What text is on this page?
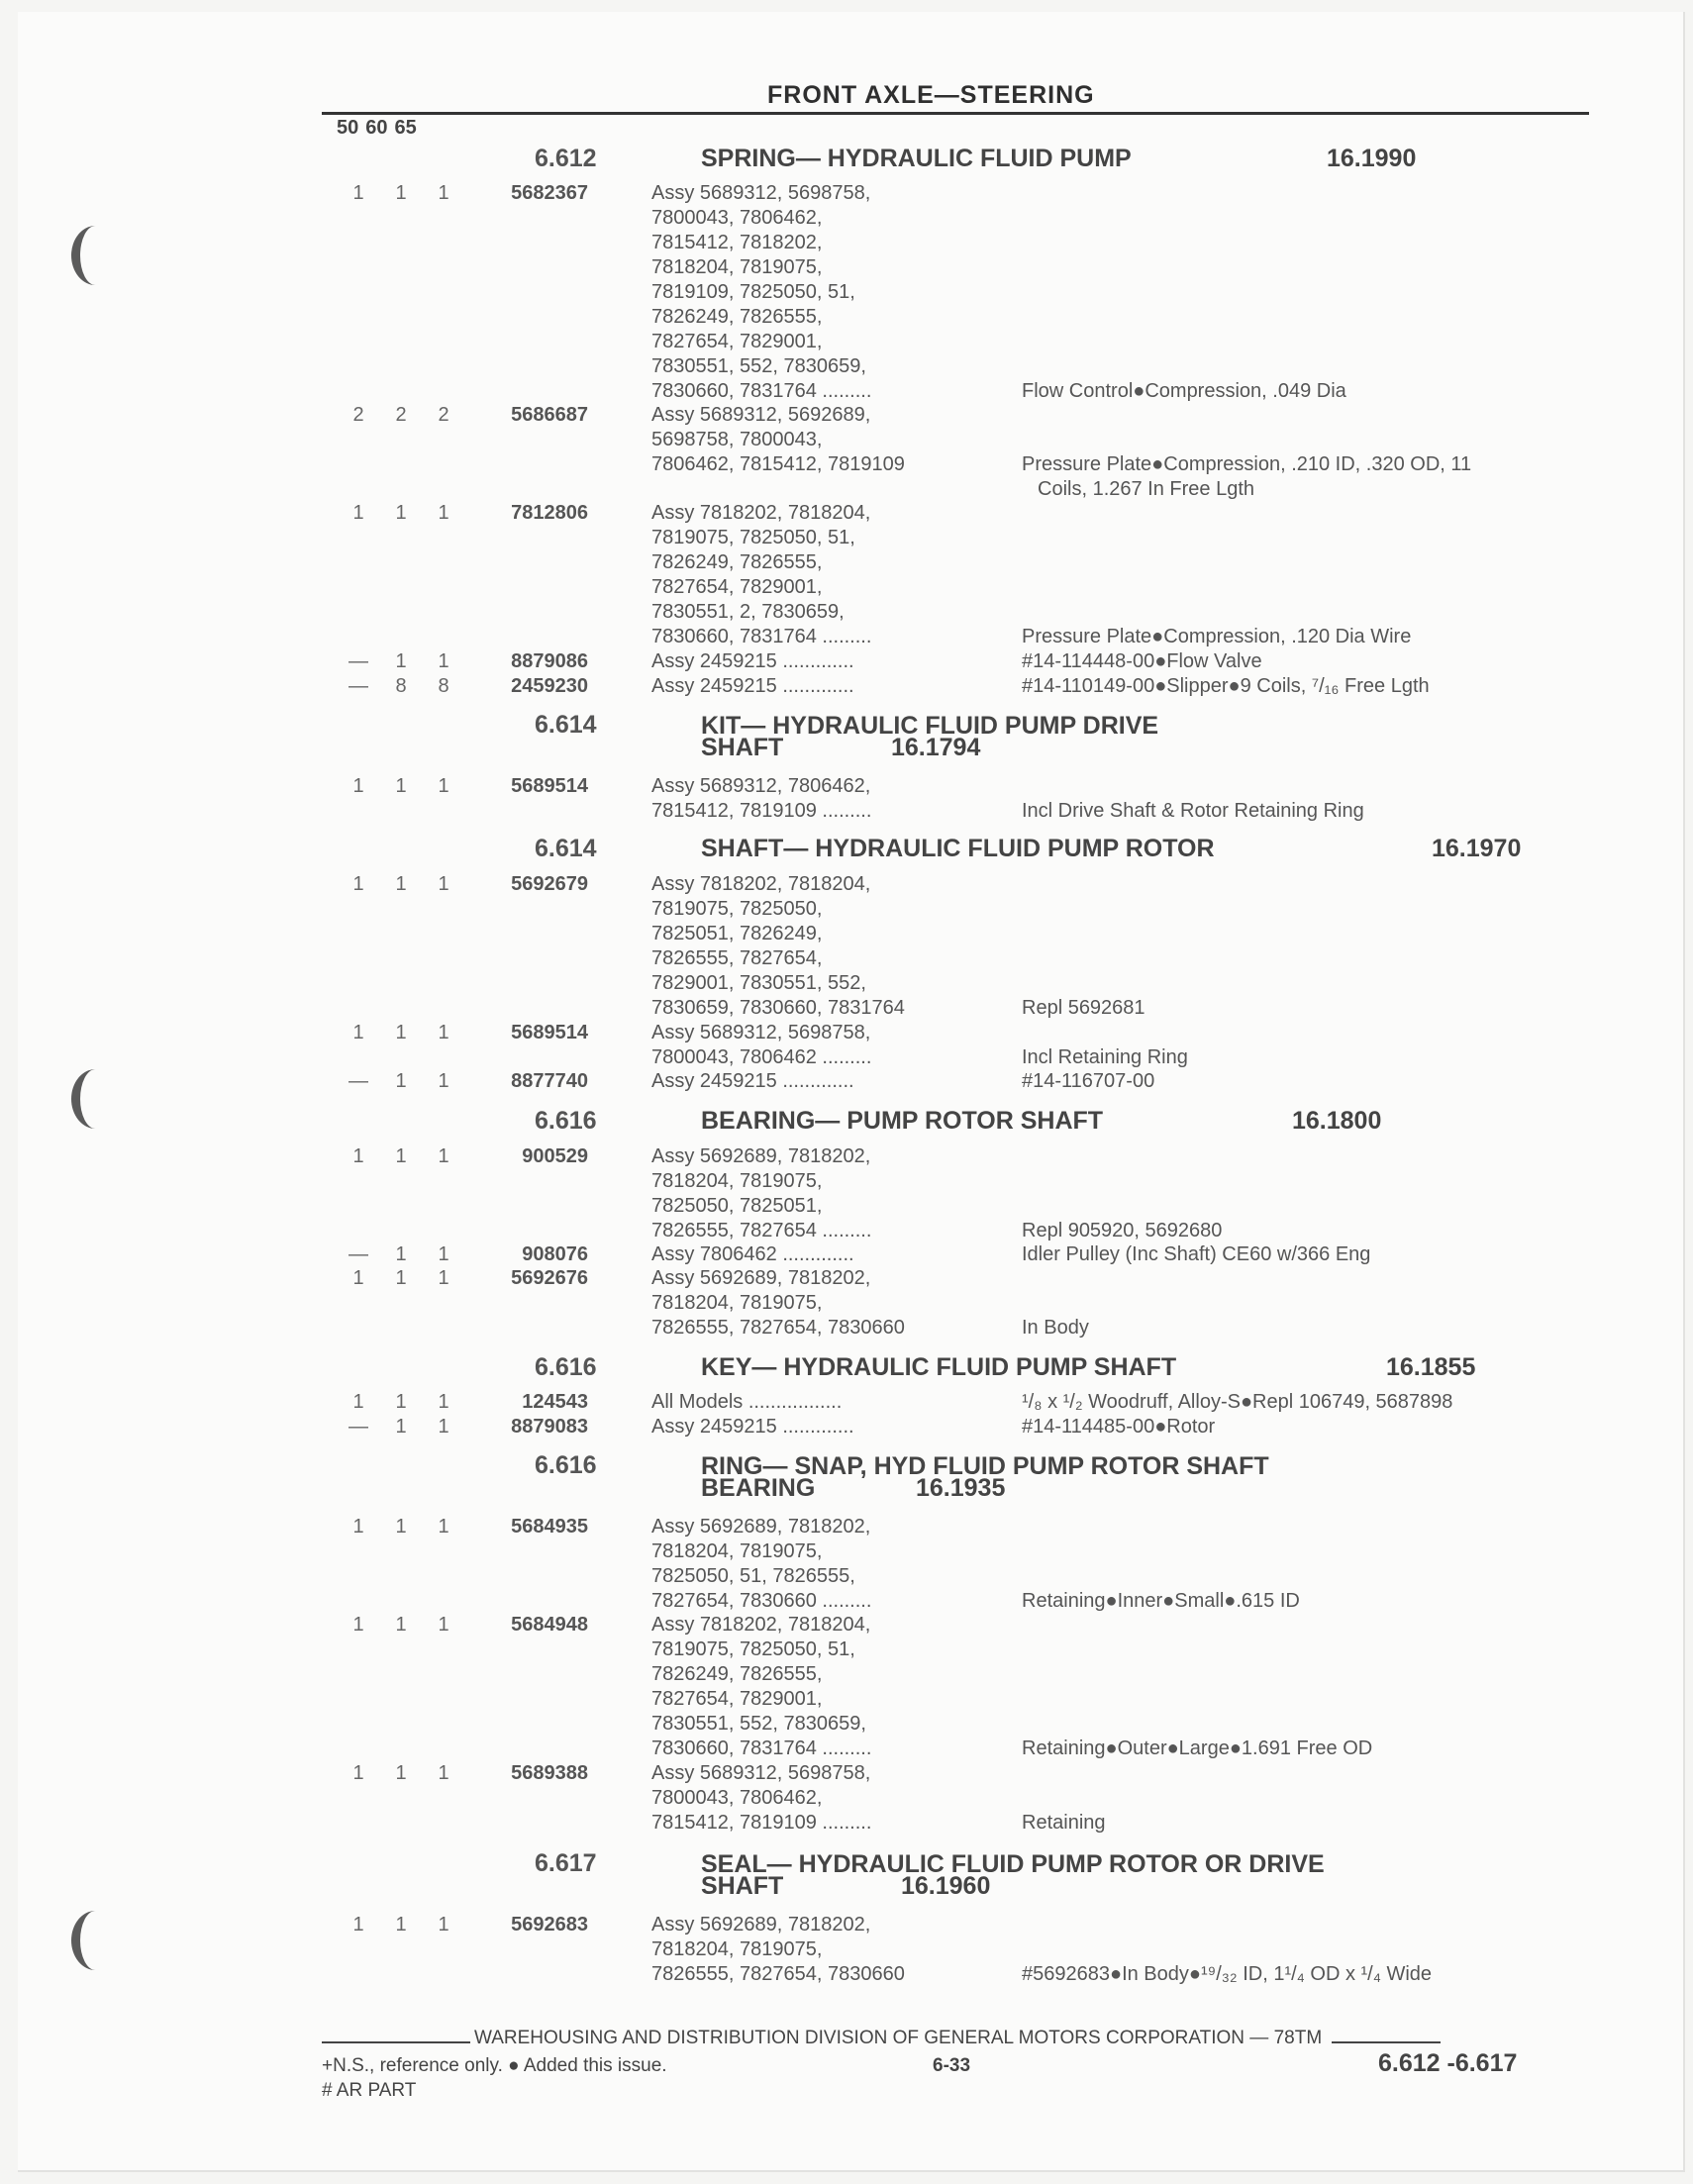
FRONT AXLE—STEERING
50 60 65
6.612	SPRING— HYDRAULIC FLUID PUMP	16.1990
1	1	1	5682367	Assy 5689312, 5698758,
7800043, 7806462,
7815412, 7818202,
7818204, 7819075,
7819109, 7825050, 51,
7826249, 7826555,
7827654, 7829001,
7830551, 552, 7830659,
7830660, 7831764 .........	Flow Control●Compression, .049 Dia
2	2	2	5686687	Assy 5689312, 5692689,
5698758, 7800043,
7806462, 7815412, 7819109	Pressure Plate●Compression, .210 ID, .320 OD, 11
Coils, 1.267 In Free Lgth
1	1	1	7812806	Assy 7818202, 7818204,
7819075, 7825050, 51,
7826249, 7826555,
7827654, 7829001,
7830551, 2, 7830659,
7830660, 7831764 .........	Pressure Plate●Compression, .120 Dia Wire
—	1	1	8879086	Assy 2459215 .............	#14-114448-00●Flow Valve
—	8	8	2459230	Assy 2459215 .............	#14-110149-00●Slipper●9 Coils, ⁷/₁₆ Free Lgth
6.614	KIT— HYDRAULIC FLUID PUMP DRIVE
SHAFT	16.1794
1	1	1	5689514	Assy 5689312, 7806462,
7815412, 7819109 .........	Incl Drive Shaft & Rotor Retaining Ring
6.614	SHAFT— HYDRAULIC FLUID PUMP ROTOR	16.1970
1	1	1	5692679	Assy 7818202, 7818204,
7819075, 7825050,
7825051, 7826249,
7826555, 7827654,
7829001, 7830551, 552,
7830659, 7830660, 7831764	Repl 5692681
1	1	1	5689514	Assy 5689312, 5698758,
7800043, 7806462 .........	Incl Retaining Ring
—	1	1	8877740	Assy 2459215 .............	#14-116707-00
6.616	BEARING— PUMP ROTOR SHAFT	16.1800
1	1	1	900529	Assy 5692689, 7818202,
7818204, 7819075,
7825050, 7825051,
7826555, 7827654 .........	Repl 905920, 5692680
—	1	1	908076	Assy 7806462 .............	Idler Pulley (Inc Shaft) CE60 w/366 Eng
1	1	1	5692676	Assy 5692689, 7818202,
7818204, 7819075,
7826555, 7827654, 7830660	In Body
6.616	KEY— HYDRAULIC FLUID PUMP SHAFT	16.1855
1	1	1	124543	All Models .................	¹/₈ x ¹/₂ Woodruff, Alloy-S●Repl 106749, 5687898
—	1	1	8879083	Assy 2459215 .............	#14-114485-00●Rotor
6.616	RING— SNAP, HYD FLUID PUMP ROTOR SHAFT
BEARING	16.1935
1	1	1	5684935	Assy 5692689, 7818202,
7818204, 7819075,
7825050, 51, 7826555,
7827654, 7830660 .........	Retaining●Inner●Small●.615 ID
1	1	1	5684948	Assy 7818202, 7818204,
7819075, 7825050, 51,
7826249, 7826555,
7827654, 7829001,
7830551, 552, 7830659,
7830660, 7831764 .........	Retaining●Outer●Large●1.691 Free OD
1	1	1	5689388	Assy 5689312, 5698758,
7800043, 7806462,
7815412, 7819109 .........	Retaining
6.617	SEAL— HYDRAULIC FLUID PUMP ROTOR OR DRIVE
SHAFT	16.1960
1	1	1	5692683	Assy 5692689, 7818202,
7818204, 7819075,
7826555, 7827654, 7830660	#5692683●In Body●¹⁹/₃₂ ID, 1¹/₄ OD x ¹/₄ Wide
WAREHOUSING AND DISTRIBUTION DIVISION OF GENERAL MOTORS CORPORATION — 78TM
+N.S., reference only. ● Added this issue.
# AR PART
6-33	6.612 -6.617
